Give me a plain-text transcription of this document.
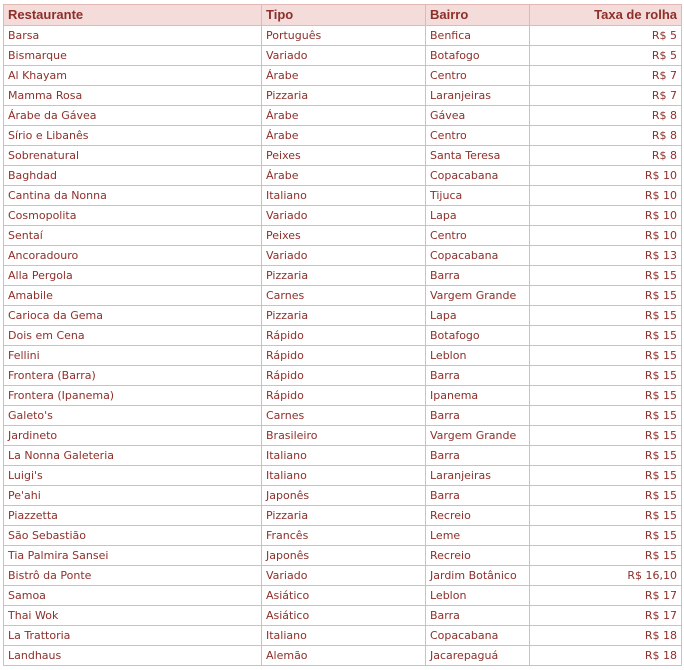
Restaurante	Tipo	Bairro	Taxa de rolha
Barsa	Português	Benfica	R$ 5
Bismarque	Variado	Botafogo	R$ 5
Al Khayam	Árabe	Centro	R$ 7
Mamma Rosa	Pizzaria	Laranjeiras	R$ 7
Árabe da Gávea	Árabe	Gávea	R$ 8
Sírio e Libanês	Árabe	Centro	R$ 8
Sobrenatural	Peixes	Santa Teresa	R$ 8
Baghdad	Árabe	Copacabana	R$ 10
Cantina da Nonna	Italiano	Tijuca	R$ 10
Cosmopolita	Variado	Lapa	R$ 10
Sentaí	Peixes	Centro	R$ 10
Ancoradouro	Variado	Copacabana	R$ 13
Alla Pergola	Pizzaria	Barra	R$ 15
Amabile	Carnes	Vargem Grande	R$ 15
Carioca da Gema	Pizzaria	Lapa	R$ 15
Dois em Cena	Rápido	Botafogo	R$ 15
Fellini	Rápido	Leblon	R$ 15
Frontera (Barra)	Rápido	Barra	R$ 15
Frontera (Ipanema)	Rápido	Ipanema	R$ 15
Galeto's	Carnes	Barra	R$ 15
Jardineto	Brasileiro	Vargem Grande	R$ 15
La Nonna Galeteria	Italiano	Barra	R$ 15
Luigi's	Italiano	Laranjeiras	R$ 15
Pe'ahi	Japonês	Barra	R$ 15
Piazzetta	Pizzaria	Recreio	R$ 15
São Sebastião	Francês	Leme	R$ 15
Tia Palmira Sansei	Japonês	Recreio	R$ 15
Bistrô da Ponte	Variado	Jardim Botânico	R$ 16,10
Samoa	Asiático	Leblon	R$ 17
Thai Wok	Asiático	Barra	R$ 17
La Trattoria	Italiano	Copacabana	R$ 18
Landhaus	Alemão	Jacarepaguá	R$ 18
